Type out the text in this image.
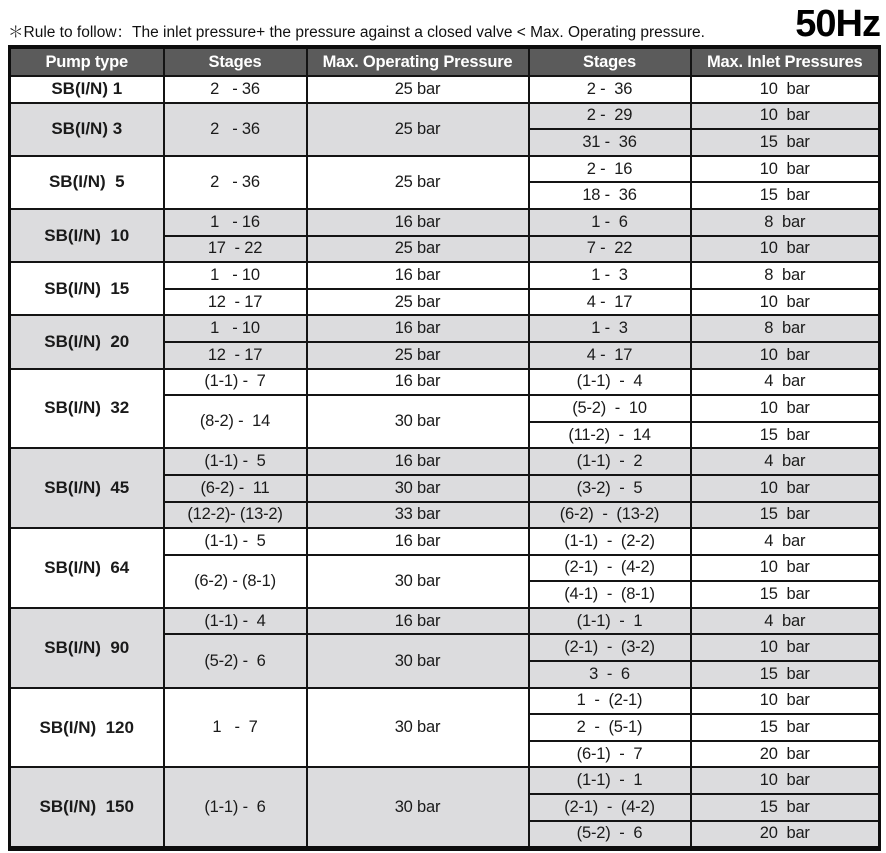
＊Rule to follow：The inlet pressure+ the pressure against a closed valve < Max. Operating pressure. 50Hz
Pump type	Stages	Max. Operating Pressure	Stages	Max. Inlet Pressures
SB(I/N) 1	2   - 36	25 bar	2 -  36	10  bar
SB(I/N) 3	2   - 36	25 bar	2 -  29	10  bar
			31 -  36	15  bar
SB(I/N)  5	2   - 36	25 bar	2 -  16	10  bar
			18 -  36	15  bar
SB(I/N)  10	1   - 16	16 bar	1 -  6	8  bar
	17  - 22	25 bar	7 -  22	10  bar
SB(I/N)  15	1   - 10	16 bar	1 -  3	8  bar
	12  - 17	25 bar	4 -  17	10  bar
SB(I/N)  20	1   - 10	16 bar	1 -  3	8  bar
	12  - 17	25 bar	4 -  17	10  bar
SB(I/N)  32	(1-1) -  7	16 bar	(1-1)  -  4	4  bar
	(8-2) -  14	30 bar	(5-2)  -  10	10  bar
			(11-2)  -  14	15  bar
SB(I/N)  45	(1-1) -  5	16 bar	(1-1)  -  2	4  bar
	(6-2) -  11	30 bar	(3-2)  -  5	10  bar
	(12-2)- (13-2)	33 bar	(6-2)  -  (13-2)	15  bar
SB(I/N)  64	(1-1) -  5	16 bar	(1-1)  -  (2-2)	4  bar
	(6-2) - (8-1)	30 bar	(2-1)  -  (4-2)	10  bar
			(4-1)  -  (8-1)	15  bar
SB(I/N)  90	(1-1) -  4	16 bar	(1-1)  -  1	4  bar
	(5-2) -  6	30 bar	(2-1)  -  (3-2)	10  bar
			3  -  6	15  bar
SB(I/N)  120	1   -  7	30 bar	1  -  (2-1)	10  bar
			2  -  (5-1)	15  bar
			(6-1)  -  7	20  bar
SB(I/N)  150	(1-1) -  6	30 bar	(1-1)  -  1	10  bar
			(2-1)  -  (4-2)	15  bar
			(5-2)  -  6	20  bar
